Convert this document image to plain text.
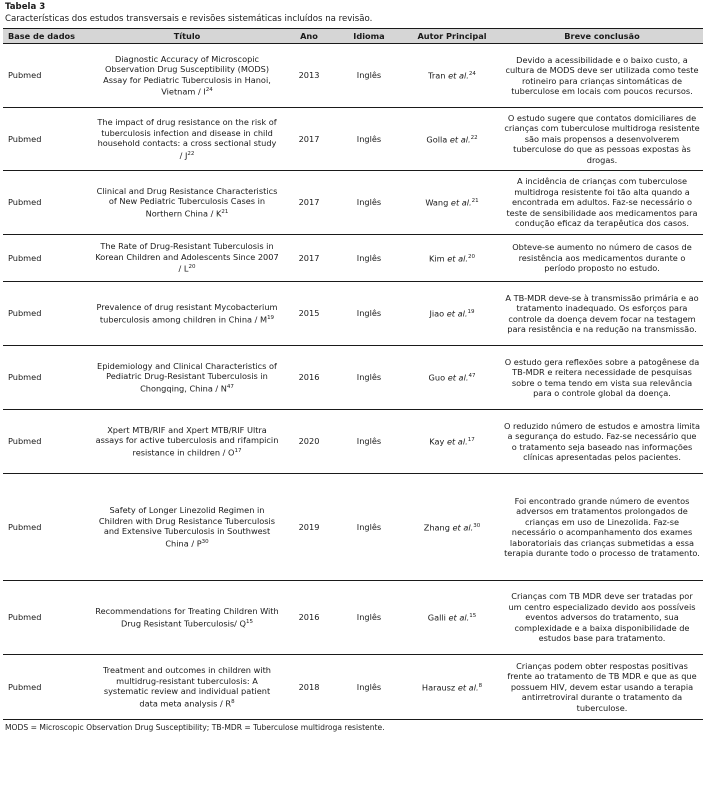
Tabela 3
Características dos estudos transversais e revisões sistemáticas incluídos na revisão.
Base de dados	Título	Ano	Idioma	Autor Principal	Breve conclusão
Pubmed	Diagnostic Accuracy of Microscopic Observation Drug Susceptibility (MODS) Assay for Pediatric Tuberculosis in Hanoi, Vietnam / $I^{24}$	2013	Inglês	Tran et al.$^{24}$	Devido a acessibilidade e o baixo custo, a cultura de MODS deve ser utilizada como teste rotineiro para crianças sintomáticas de tuberculose em locais com poucos recursos.
Pubmed	The impact of drug resistance on the risk of tuberculosis infection and disease in child household contacts: a cross sectional study / $J^{22}$	2017	Inglês	Golla et al.$^{22}$	O estudo sugere que contatos domiciliares de crianças com tuberculose multidroga resistente são mais propensos a desenvolverem tuberculose do que as pessoas expostas às drogas.
Pubmed	Clinical and Drug Resistance Characteristics of New Pediatric Tuberculosis Cases in Northern China / $K^{21}$	2017	Inglês	Wang et al.$^{21}$	A incidência de crianças com tuberculose multidroga resistente foi tão alta quando a encontrada em adultos. Faz-se necessário o teste de sensibilidade aos medicamentos para condução eficaz da terapêutica dos casos.
Pubmed	The Rate of Drug-Resistant Tuberculosis in Korean Children and Adolescents Since $2007 / L^{20}$	2017	Inglês	Kim et al.$^{20}$	Obteve-se aumento no número de casos de resistência aos medicamentos durante o período proposto no estudo.
Pubmed	Prevalence of drug resistant Mycobacterium tuberculosis among children in China / $M^{19}$	2015	Inglês	Jiao et al.$^{19}$	A TB-MDR deve-se à transmissão primária e ao tratamento inadequado. Os esforços para controle da doença devem focar na testagem para resistência e na redução na transmissão.
Pubmed	Epidemiology and Clinical Characteristics of Pediatric Drug-Resistant Tuberculosis in Chongqing, China / $N^{47}$	2016	Inglês	Guo et al.$^{47}$	O estudo gera reflexões sobre a patogênese da TB-MDR e reitera necessidade de pesquisas sobre o tema tendo em vista sua relevância para o controle global da doença.
Pubmed	Xpert MTB/RIF and Xpert MTB/RIF Ultra assays for active tuberculosis and rifampicin resistance in children / $O^{17}$	2020	Inglês	Kay et al.$^{17}$	O reduzido número de estudos e amostra limita a segurança do estudo. Faz-se necessário que o tratamento seja baseado nas informações clínicas apresentadas pelos pacientes.
Pubmed	Safety of Longer Linezolid Regimen in Children with Drug Resistance Tuberculosis and Extensive Tuberculosis in Southwest China / $P^{30}$	2019	Inglês	Zhang et al.$^{30}$	Foi encontrado grande número de eventos adversos em tratamentos prolongados de crianças em uso de Linezolida. Faz-se necessário o acompanhamento dos exames laboratoriais das crianças submetidas a essa terapia durante todo o processo de tratamento.
Pubmed	Recommendations for Treating Children With Drug Resistant Tuberculosis/ $Q^{15}$	2016	Inglês	Galli et al.$^{15}$	Crianças com TB MDR deve ser tratadas por um centro especializado devido aos possíveis eventos adversos do tratamento, sua complexidade e a baixa disponibilidade de estudos base para tratamento.
Pubmed	Treatment and outcomes in children with multidrug-resistant tuberculosis: A systematic review and individual patient data meta analysis / $R^8$	2018	Inglês	Harausz et al.$^8$	Crianças podem obter respostas positivas frente ao tratamento de TB MDR e que as que possuem HIV, devem estar usando a terapia antirretroviral durante o tratamento da tuberculose.
MODS = Microscopic Observation Drug Susceptibility; TB-MDR = Tuberculose multidroga resistente.
